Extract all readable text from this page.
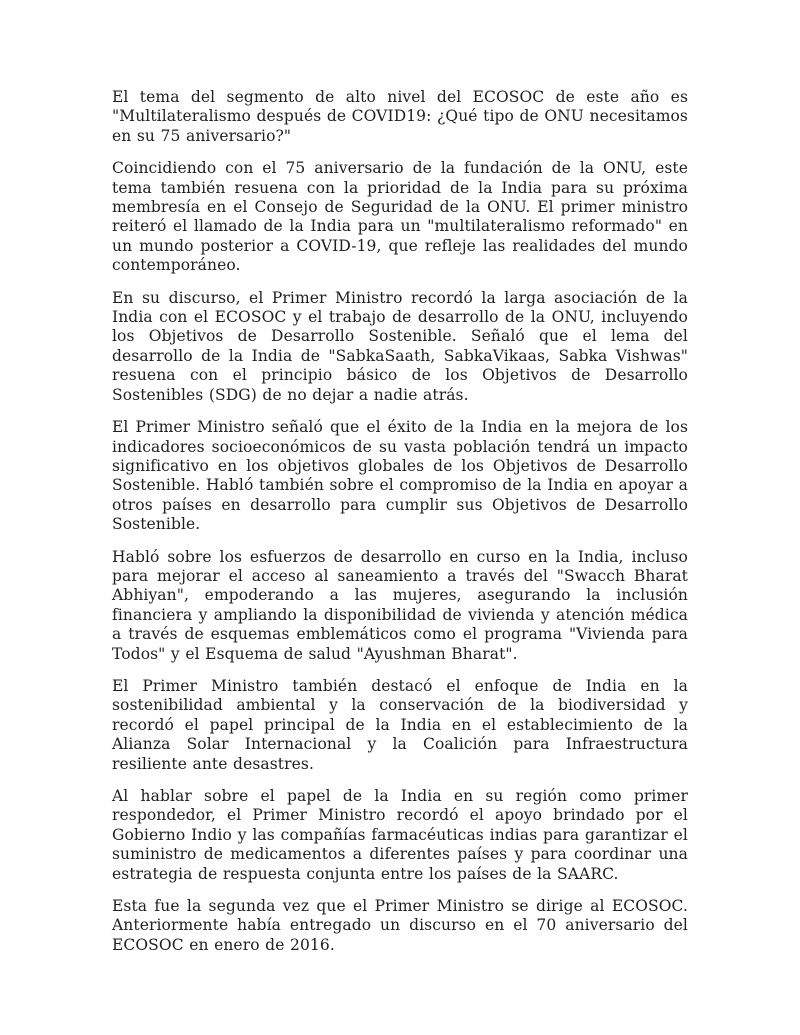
El tema del segmento de alto nivel del ECOSOC de este año es "Multilateralismo después de COVID19: ¿Qué tipo de ONU necesitamos en su 75 aniversario?"

Coincidiendo con el 75 aniversario de la fundación de la ONU, este tema también resuena con la prioridad de la India para su próxima membresía en el Consejo de Seguridad de la ONU. El primer ministro reiteró el llamado de la India para un "multilateralismo reformado" en un mundo posterior a COVID-19, que refleje las realidades del mundo contemporáneo.

En su discurso, el Primer Ministro recordó la larga asociación de la India con el ECOSOC y el trabajo de desarrollo de la ONU, incluyendo los Objetivos de Desarrollo Sostenible. Señaló que el lema del desarrollo de la India de "SabkaSaath, SabkaVikaas, Sabka Vishwas" resuena con el principio básico de los Objetivos de Desarrollo Sostenibles (SDG) de no dejar a nadie atrás.

El Primer Ministro señaló que el éxito de la India en la mejora de los indicadores socioeconómicos de su vasta población tendrá un impacto significativo en los objetivos globales de los Objetivos de Desarrollo Sostenible. Habló también sobre el compromiso de la India en apoyar a otros países en desarrollo para cumplir sus Objetivos de Desarrollo Sostenible.

Habló sobre los esfuerzos de desarrollo en curso en la India, incluso para mejorar el acceso al saneamiento a través del "Swacch Bharat Abhiyan", empoderando a las mujeres, asegurando la inclusión financiera y ampliando la disponibilidad de vivienda y atención médica a través de esquemas emblemáticos como el programa "Vivienda para Todos" y el Esquema de salud "Ayushman Bharat".

El Primer Ministro también destacó el enfoque de India en la sostenibilidad ambiental y la conservación de la biodiversidad y recordó el papel principal de la India en el establecimiento de la Alianza Solar Internacional y la Coalición para Infraestructura resiliente ante desastres.

Al hablar sobre el papel de la India en su región como primer respondedor, el Primer Ministro recordó el apoyo brindado por el Gobierno Indio y las compañías farmacéuticas indias para garantizar el suministro de medicamentos a diferentes países y para coordinar una estrategia de respuesta conjunta entre los países de la SAARC.

Esta fue la segunda vez que el Primer Ministro se dirige al ECOSOC. Anteriormente había entregado un discurso en el 70 aniversario del ECOSOC en enero de 2016.
